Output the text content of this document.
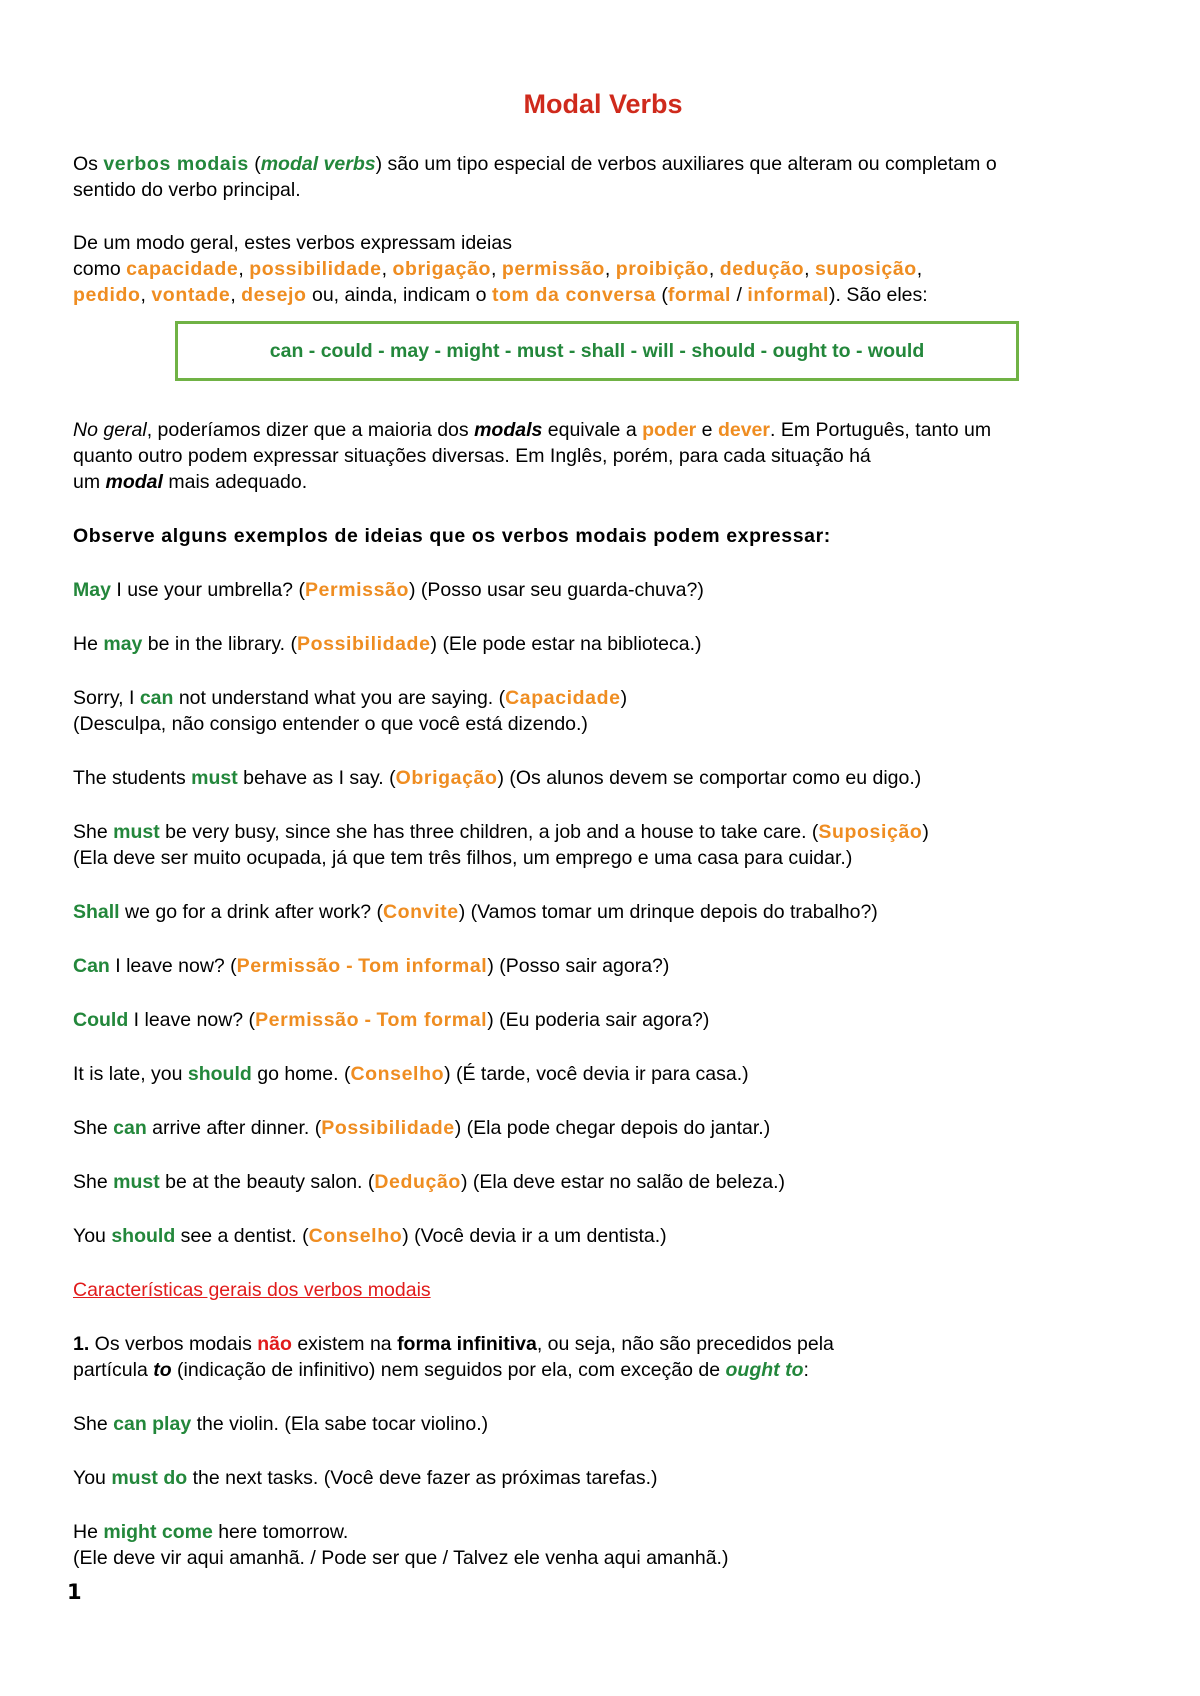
Modal Verbs
Os verbos modais (modal verbs) são um tipo especial de verbos auxiliares que alteram ou completam o
sentido do verbo principal.
De um modo geral, estes verbos expressam ideias
como capacidade, possibilidade, obrigação, permissão, proibição, dedução, suposição,
pedido, vontade, desejo ou, ainda, indicam o tom da conversa (formal / informal). São eles:
can - could - may - might - must - shall - will - should - ought to - would
No geral, poderíamos dizer que a maioria dos modals equivale a poder e dever. Em Português, tanto um
quanto outro podem expressar situações diversas. Em Inglês, porém, para cada situação há
um modal mais adequado.
Observe alguns exemplos de ideias que os verbos modais podem expressar:
May I use your umbrella? (Permissão) (Posso usar seu guarda-chuva?)
He may be in the library. (Possibilidade) (Ele pode estar na biblioteca.)
Sorry, I can not understand what you are saying. (Capacidade)
(Desculpa, não consigo entender o que você está dizendo.)
The students must behave as I say. (Obrigação) (Os alunos devem se comportar como eu digo.)
She must be very busy, since she has three children, a job and a house to take care. (Suposição)
(Ela deve ser muito ocupada, já que tem três filhos, um emprego e uma casa para cuidar.)
Shall we go for a drink after work? (Convite) (Vamos tomar um drinque depois do trabalho?)
Can I leave now? (Permissão - Tom informal) (Posso sair agora?)
Could I leave now? (Permissão - Tom formal) (Eu poderia sair agora?)
It is late, you should go home. (Conselho) (É tarde, você devia ir para casa.)
She can arrive after dinner. (Possibilidade) (Ela pode chegar depois do jantar.)
She must be at the beauty salon. (Dedução) (Ela deve estar no salão de beleza.)
You should see a dentist. (Conselho) (Você devia ir a um dentista.)
Características gerais dos verbos modais
1. Os verbos modais não existem na forma infinitiva, ou seja, não são precedidos pela
partícula to (indicação de infinitivo) nem seguidos por ela, com exceção de ought to:
She can play the violin. (Ela sabe tocar violino.)
You must do the next tasks. (Você deve fazer as próximas tarefas.)
He might come here tomorrow.
(Ele deve vir aqui amanhã. / Pode ser que / Talvez ele venha aqui amanhã.)
1
